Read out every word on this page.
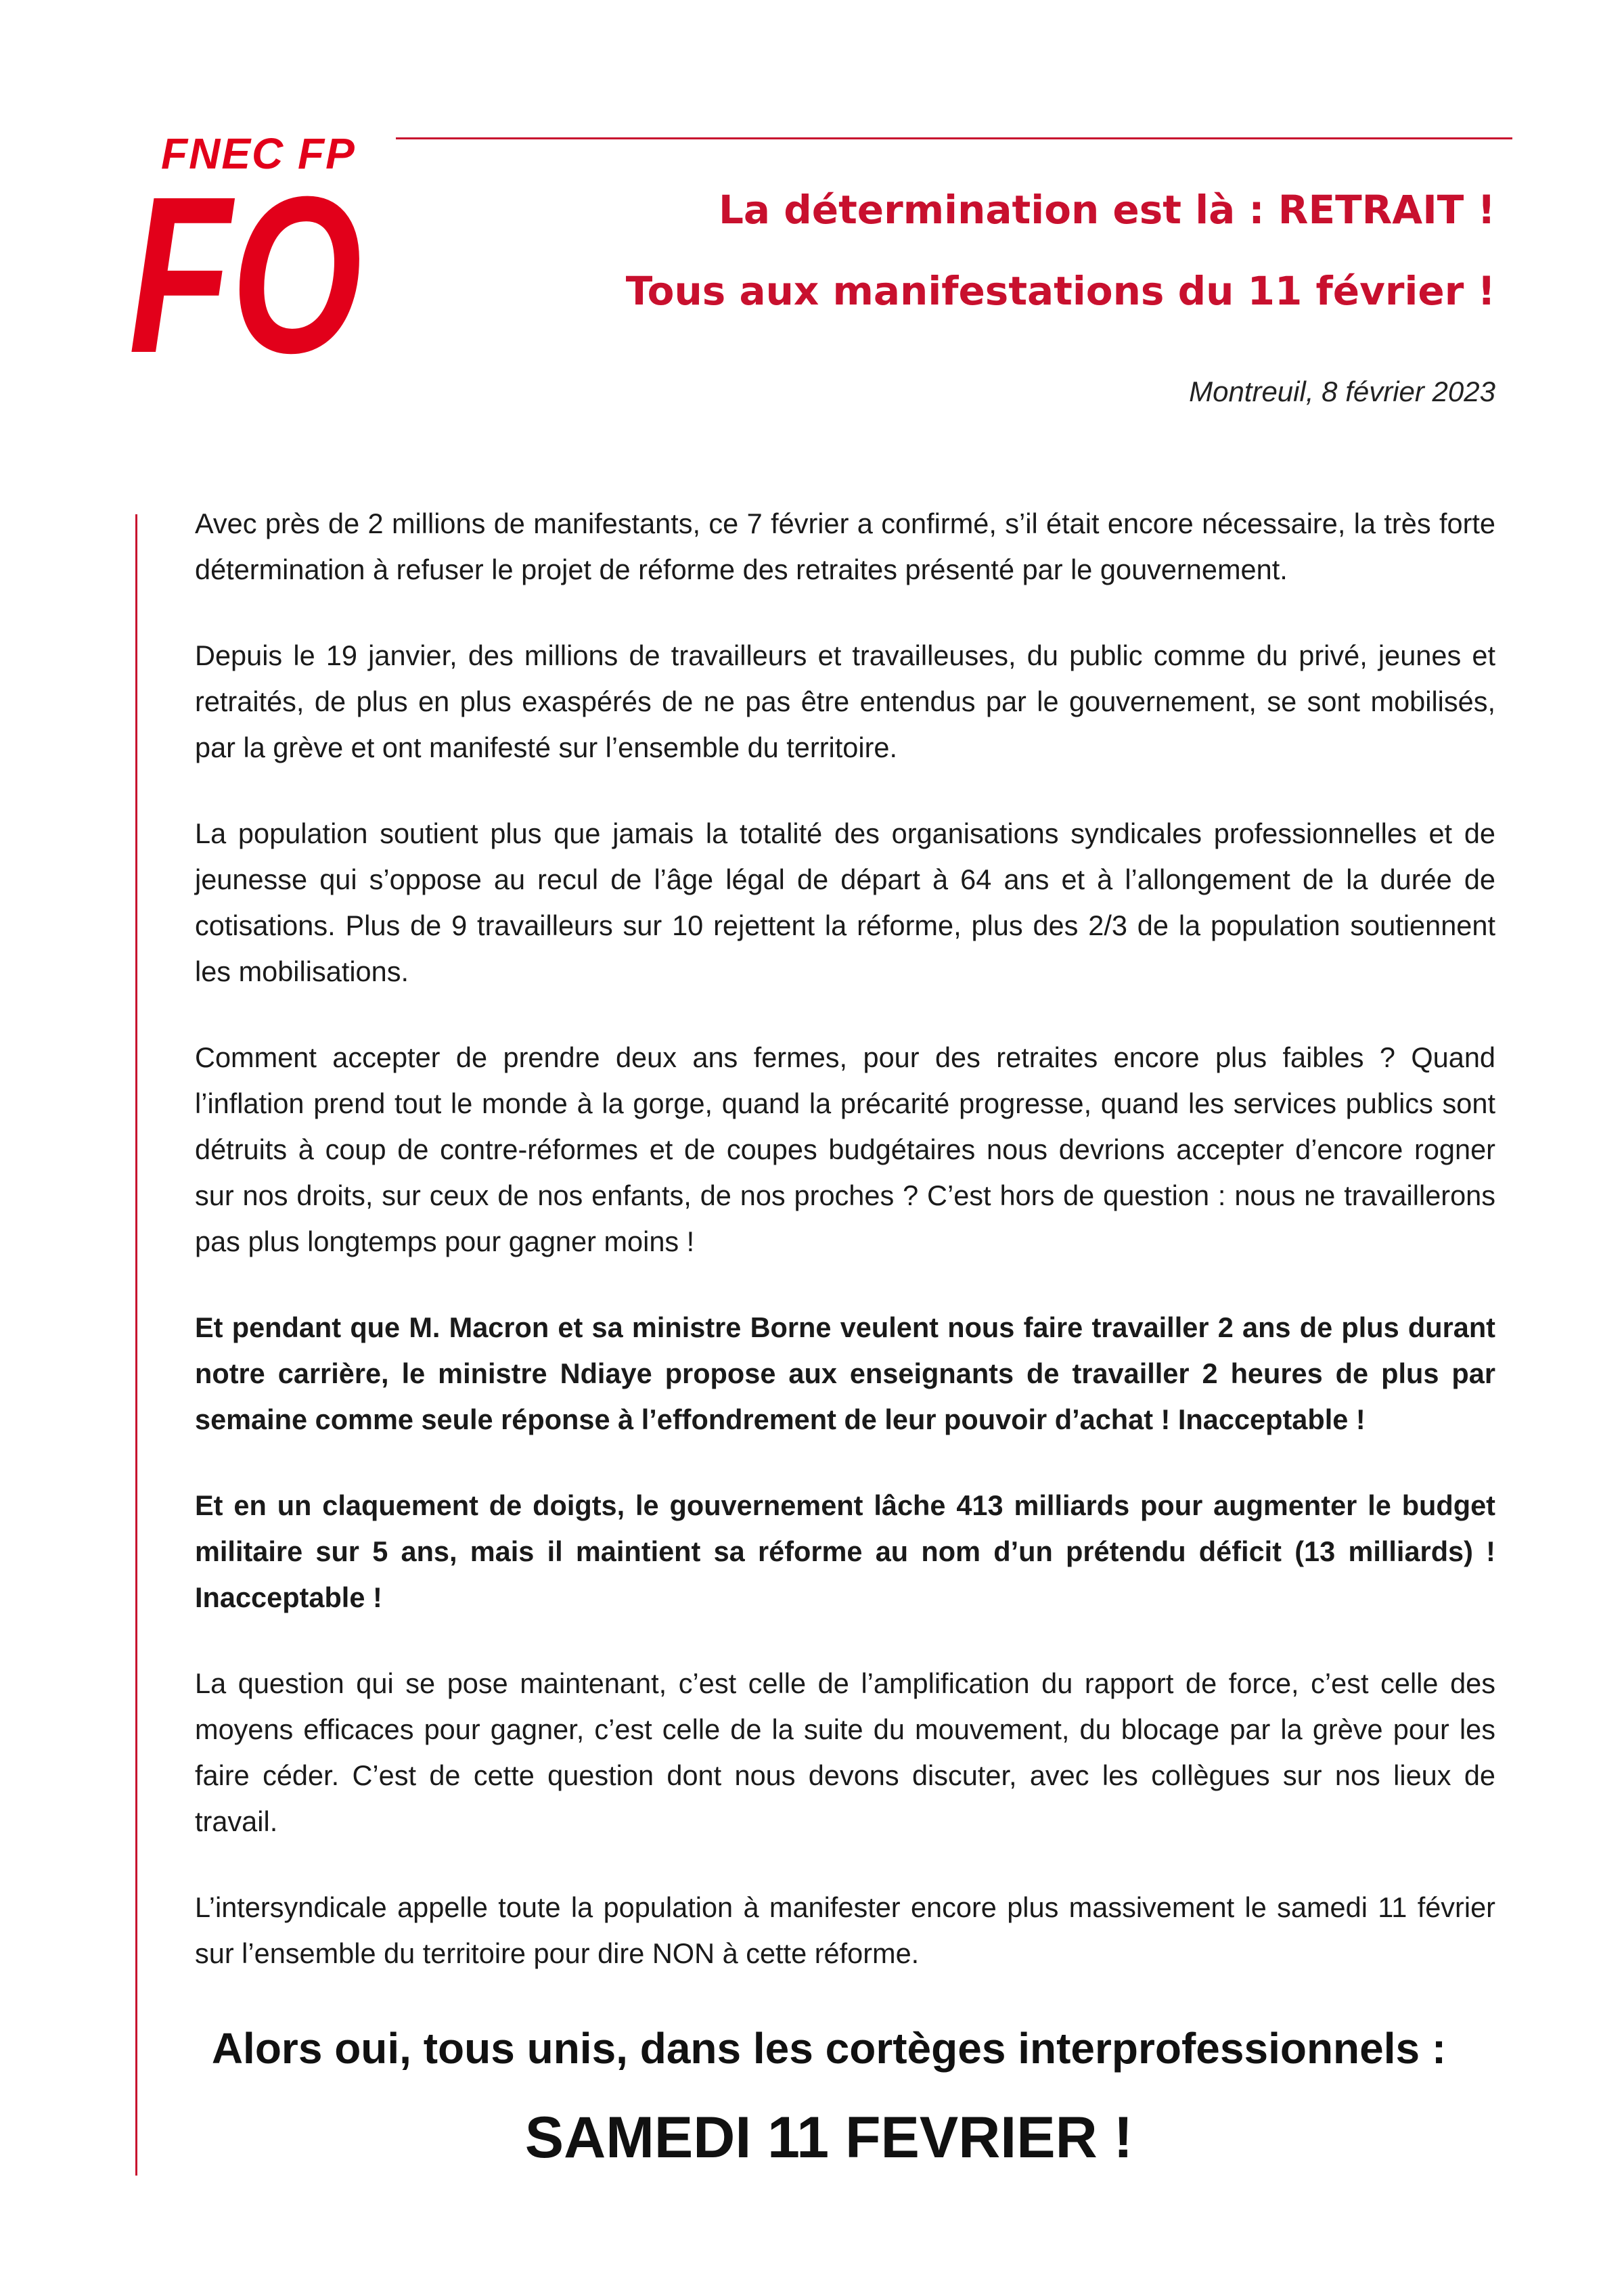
FNEC FP
FO	La détermination est là : RETRAIT !

Tous aux manifestations du 11 février !

Montreuil, 8 février 2023

Avec près de 2 millions de manifestants, ce 7 février a confirmé, s’il était encore nécessaire, la très forte détermination à refuser le projet de réforme des retraites présenté par le gouvernement.

Depuis le 19 janvier, des millions de travailleurs et travailleuses, du public comme du privé, jeunes et retraités, de plus en plus exaspérés de ne pas être entendus par le gouvernement, se sont mobilisés, par la grève et ont manifesté sur l’ensemble du territoire.

La population soutient plus que jamais la totalité des organisations syndicales professionnelles et de jeunesse qui s’oppose au recul de l’âge légal de départ à 64 ans et à l’allongement de la durée de cotisations. Plus de 9 travailleurs sur 10 rejettent la réforme, plus des 2/3 de la population soutiennent les mobilisations.

Comment accepter de prendre deux ans fermes, pour des retraites encore plus faibles ? Quand l’inflation prend tout le monde à la gorge, quand la précarité progresse, quand les services publics sont détruits à coup de contre-réformes et de coupes budgétaires nous devrions accepter d’encore rogner sur nos droits, sur ceux de nos enfants, de nos proches ? C’est hors de question : nous ne travaillerons pas plus longtemps pour gagner moins !

Et pendant que M. Macron et sa ministre Borne veulent nous faire travailler 2 ans de plus durant notre carrière, le ministre Ndiaye propose aux enseignants de travailler 2 heures de plus par semaine comme seule réponse à l’effondrement de leur pouvoir d’achat ! Inacceptable !

Et en un claquement de doigts, le gouvernement lâche 413 milliards pour augmenter le budget militaire sur 5 ans, mais il maintient sa réforme au nom d’un prétendu déficit (13 milliards) ! Inacceptable !

La question qui se pose maintenant, c’est celle de l’amplification du rapport de force, c’est celle des moyens efficaces pour gagner, c’est celle de la suite du mouvement, du blocage par la grève pour les faire céder. C’est de cette question dont nous devons discuter, avec les collègues sur nos lieux de travail.

L’intersyndicale appelle toute la population à manifester encore plus massivement le samedi 11 février sur l’ensemble du territoire pour dire NON à cette réforme.

Alors oui, tous unis, dans les cortèges interprofessionnels :
SAMEDI 11 FEVRIER !
